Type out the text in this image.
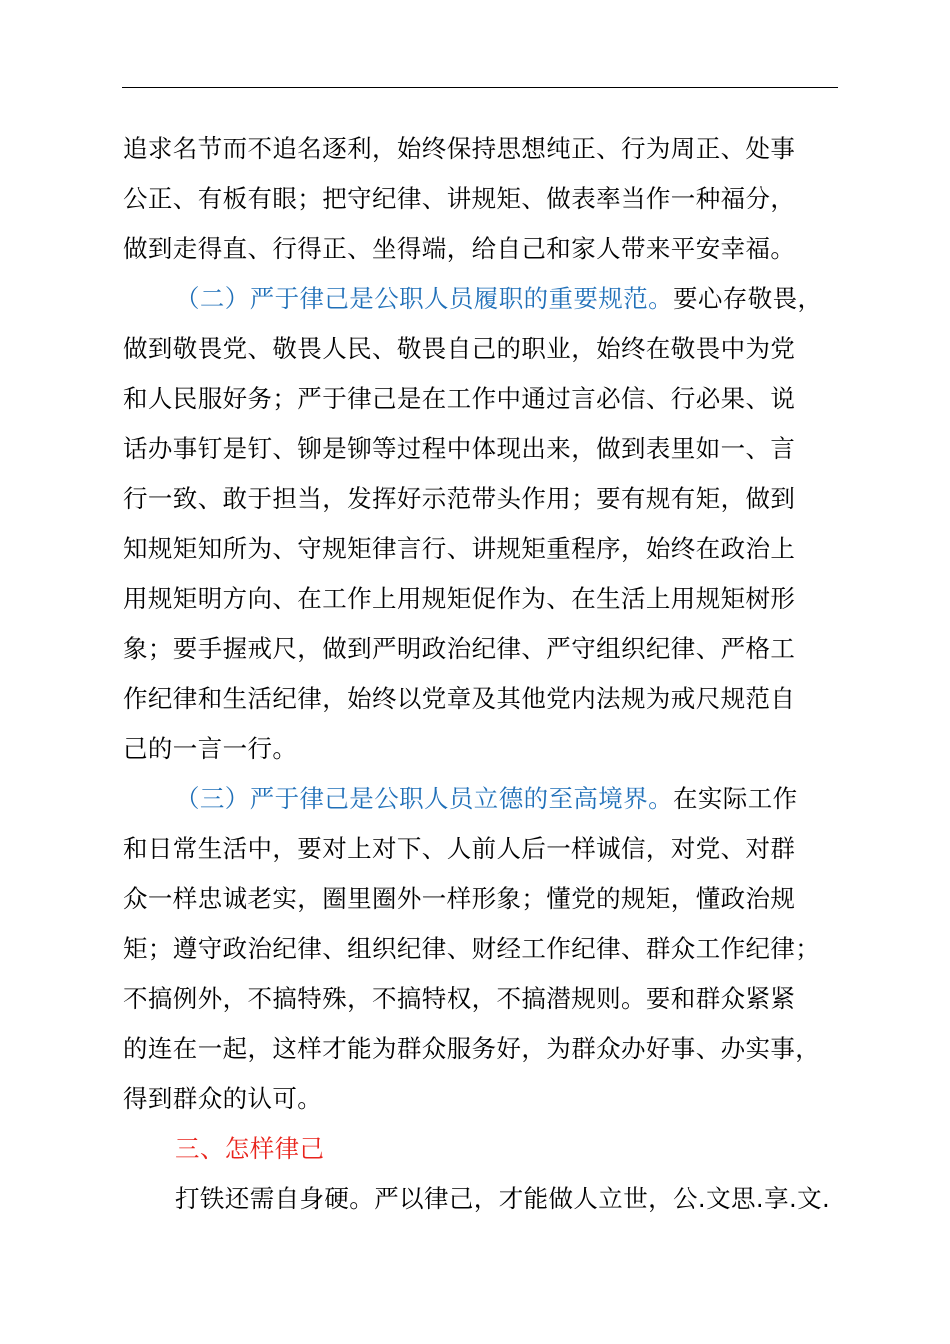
追求名节而不追名逐利，始终保持思想纯正、行为周正、处事
公正、有板有眼；把守纪律、讲规矩、做表率当作一种福分，
做到走得直、行得正、坐得端，给自己和家人带来平安幸福。
（二）严于律己是公职人员履职的重要规范。要心存敬畏，
做到敬畏党、敬畏人民、敬畏自己的职业，始终在敬畏中为党
和人民服好务；严于律己是在工作中通过言必信、行必果、说
话办事钉是钉、铆是铆等过程中体现出来，做到表里如一、言
行一致、敢于担当，发挥好示范带头作用；要有规有矩，做到
知规矩知所为、守规矩律言行、讲规矩重程序，始终在政治上
用规矩明方向、在工作上用规矩促作为、在生活上用规矩树形
象；要手握戒尺，做到严明政治纪律、严守组织纪律、严格工
作纪律和生活纪律，始终以党章及其他党内法规为戒尺规范自
己的一言一行。
（三）严于律己是公职人员立德的至高境界。在实际工作
和日常生活中，要对上对下、人前人后一样诚信，对党、对群
众一样忠诚老实，圈里圈外一样形象；懂党的规矩，懂政治规
矩；遵守政治纪律、组织纪律、财经工作纪律、群众工作纪律；
不搞例外，不搞特殊，不搞特权，不搞潜规则。要和群众紧紧
的连在一起，这样才能为群众服务好，为群众办好事、办实事，
得到群众的认可。
三、怎样律己
打铁还需自身硬。严以律己，才能做人立世，公.文思.享.文.
